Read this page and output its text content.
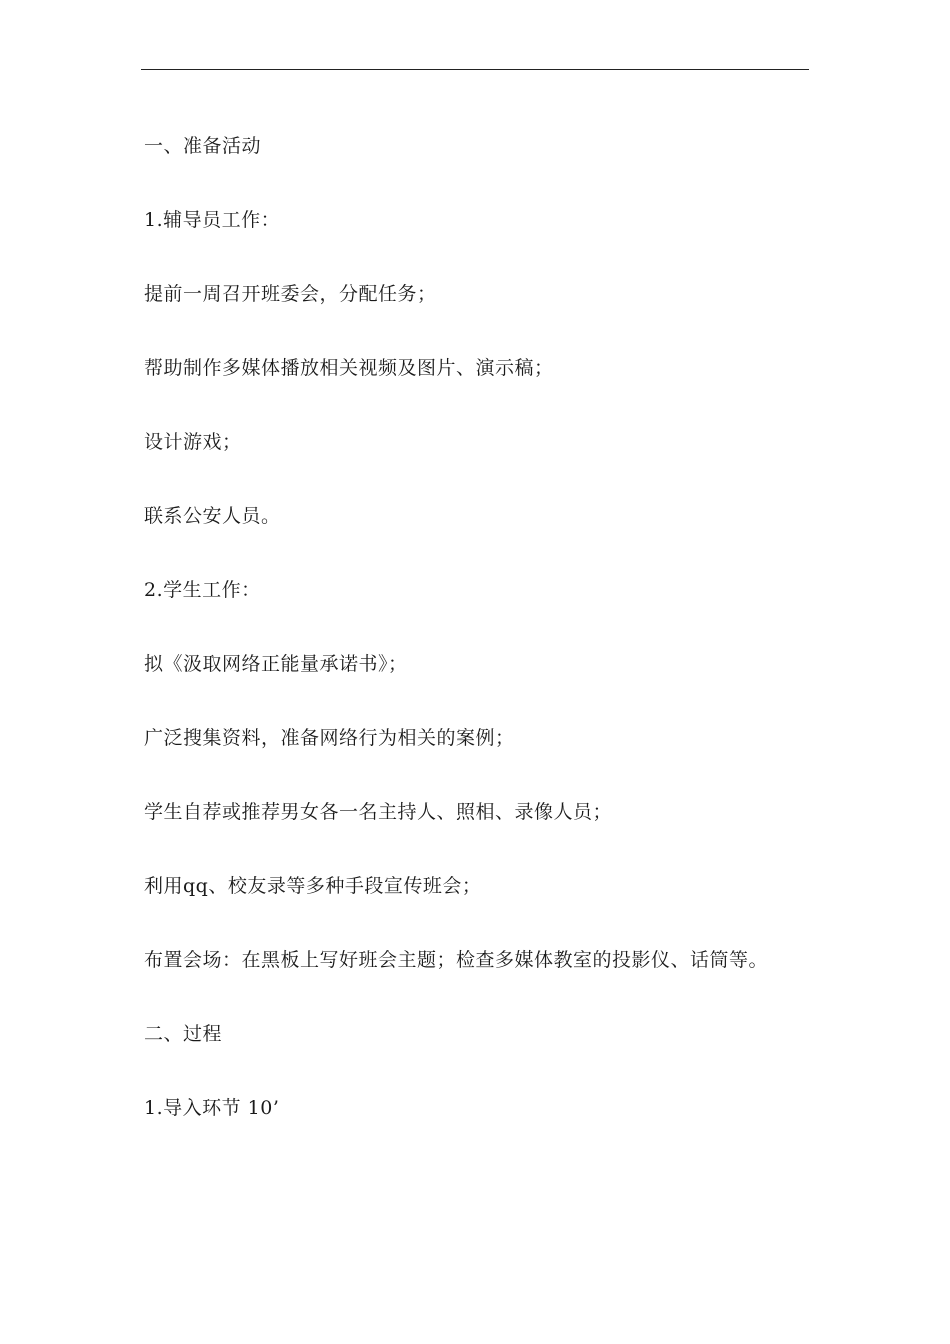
一、准备活动

1.辅导员工作：

提前一周召开班委会，分配任务；

帮助制作多媒体播放相关视频及图片、演示稿；

设计游戏；

联系公安人员。

2.学生工作：

拟《汲取网络正能量承诺书》；

广泛搜集资料，准备网络行为相关的案例；

学生自荐或推荐男女各一名主持人、照相、录像人员；

利用qq、校友录等多种手段宣传班会；

布置会场：在黑板上写好班会主题；检查多媒体教室的投影仪、话筒等。

二、过程

1.导入环节 10’
